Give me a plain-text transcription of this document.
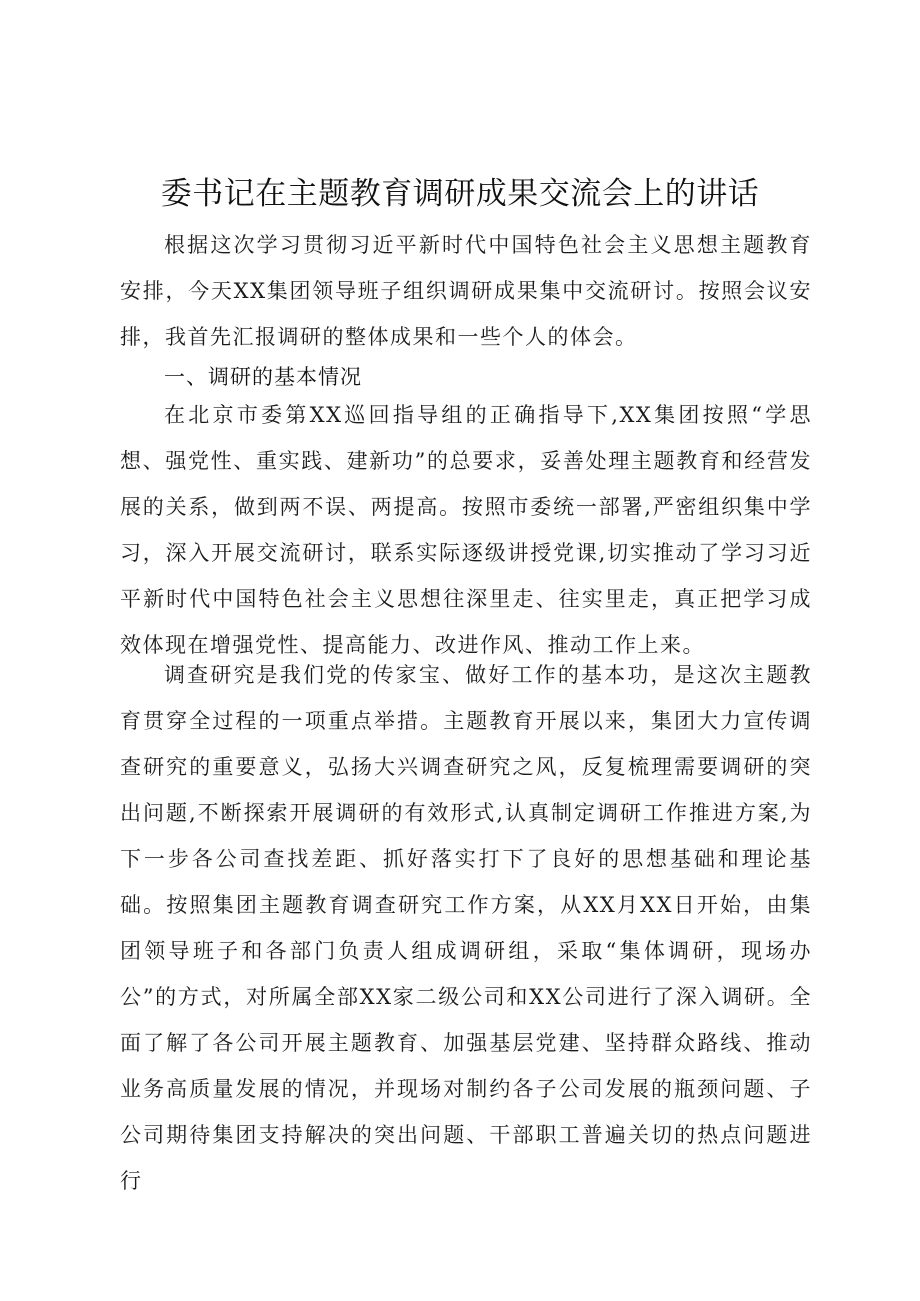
委书记在主题教育调研成果交流会上的讲话

根据这次学习贯彻习近平新时代中国特色社会主义思想主题教育安排，今天XX集团领导班子组织调研成果集中交流研讨。按照会议安排，我首先汇报调研的整体成果和一些个人的体会。

一、调研的基本情况

在北京市委第XX巡回指导组的正确指导下,XX集团按照“学思想、强党性、重实践、建新功”的总要求，妥善处理主题教育和经营发展的关系，做到两不误、两提高。按照市委统一部署,严密组织集中学习，深入开展交流研讨，联系实际逐级讲授党课,切实推动了学习习近平新时代中国特色社会主义思想往深里走、往实里走，真正把学习成效体现在增强党性、提高能力、改进作风、推动工作上来。

调查研究是我们党的传家宝、做好工作的基本功，是这次主题教育贯穿全过程的一项重点举措。主题教育开展以来，集团大力宣传调查研究的重要意义，弘扬大兴调查研究之风，反复梳理需要调研的突出问题,不断探索开展调研的有效形式,认真制定调研工作推进方案,为下一步各公司查找差距、抓好落实打下了良好的思想基础和理论基础。按照集团主题教育调查研究工作方案，从XX月XX日开始，由集团领导班子和各部门负责人组成调研组，采取“集体调研，现场办公”的方式，对所属全部XX家二级公司和XX公司进行了深入调研。全面了解了各公司开展主题教育、加强基层党建、坚持群众路线、推动业务高质量发展的情况，并现场对制约各子公司发展的瓶颈问题、子公司期待集团支持解决的突出问题、干部职工普遍关切的热点问题进行
